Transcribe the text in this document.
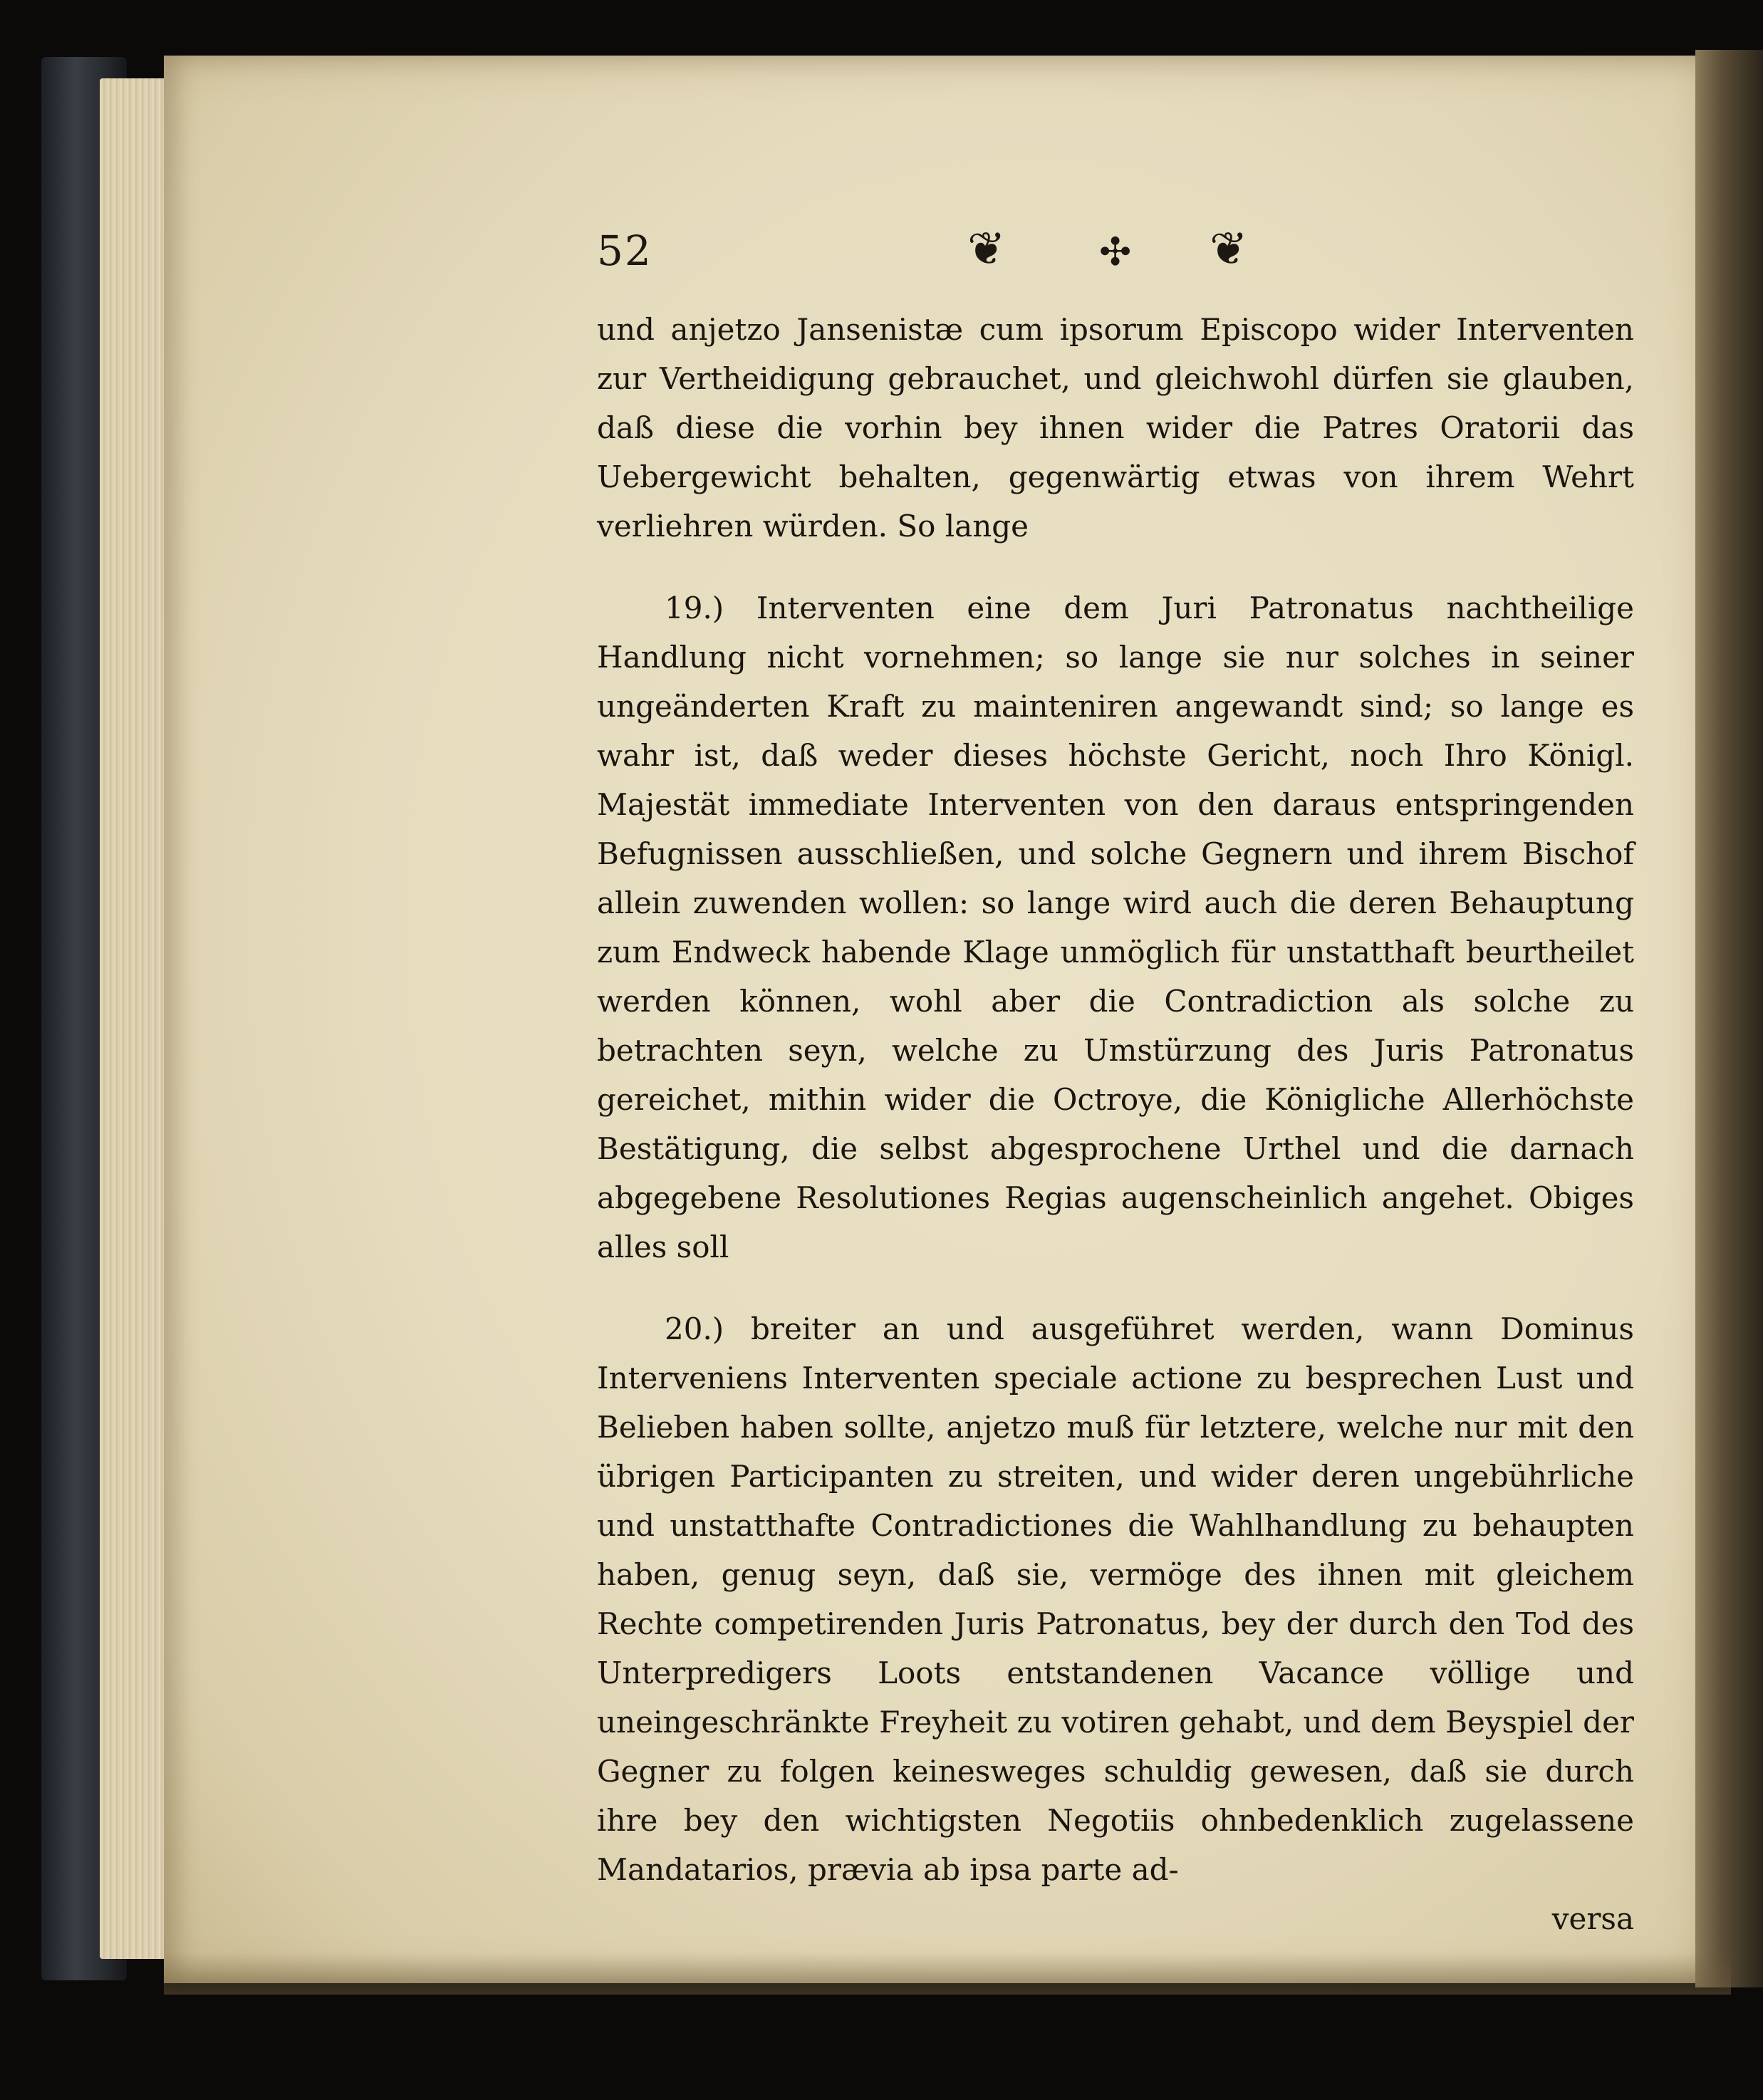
52	❦ ✣ ❦

und anjetzo Jansenistæ cum ipsorum Episcopo wider Interventen zur Vertheidigung gebrauchet, und gleichwohl dürfen sie glauben, daß diese die vorhin bey ihnen wider die Patres Oratorii das Uebergewicht behalten, gegenwärtig etwas von ihrem Wehrt verliehren würden. So lange

19.) Interventen eine dem Juri Patronatus nachtheilige Handlung nicht vornehmen; so lange sie nur solches in seiner ungeänderten Kraft zu mainteniren angewandt sind; so lange es wahr ist, daß weder dieses höchste Gericht, noch Ihro Königl. Majestät immediate Interventen von den daraus entspringenden Befugnissen ausschließen, und solche Gegnern und ihrem Bischof allein zuwenden wollen: so lange wird auch die deren Behauptung zum Endweck habende Klage unmöglich für unstatthaft beurtheilet werden können, wohl aber die Contradiction als solche zu betrachten seyn, welche zu Umstürzung des Juris Patronatus gereichet, mithin wider die Octroye, die Königliche Allerhöchste Bestätigung, die selbst abgesprochene Urthel und die darnach abgegebene Resolutiones Regias augenscheinlich angehet. Obiges alles soll

20.) breiter an und ausgeführet werden, wann Dominus Interveniens Interventen speciale actione zu besprechen Lust und Belieben haben sollte, anjetzo muß für letztere, welche nur mit den übrigen Participanten zu streiten, und wider deren ungebührliche und unstatthafte Contradictiones die Wahlhandlung zu behaupten haben, genug seyn, daß sie, vermöge des ihnen mit gleichem Rechte competirenden Juris Patronatus, bey der durch den Tod des Unterpredigers Loots entstandenen Vacance völlige und uneingeschränkte Freyheit zu votiren gehabt, und dem Beyspiel der Gegner zu folgen keinesweges schuldig gewesen, daß sie durch ihre bey den wichtigsten Negotiis ohnbedenklich zugelassene Mandatarios, prævia ab ipsa parte ad-
versa
